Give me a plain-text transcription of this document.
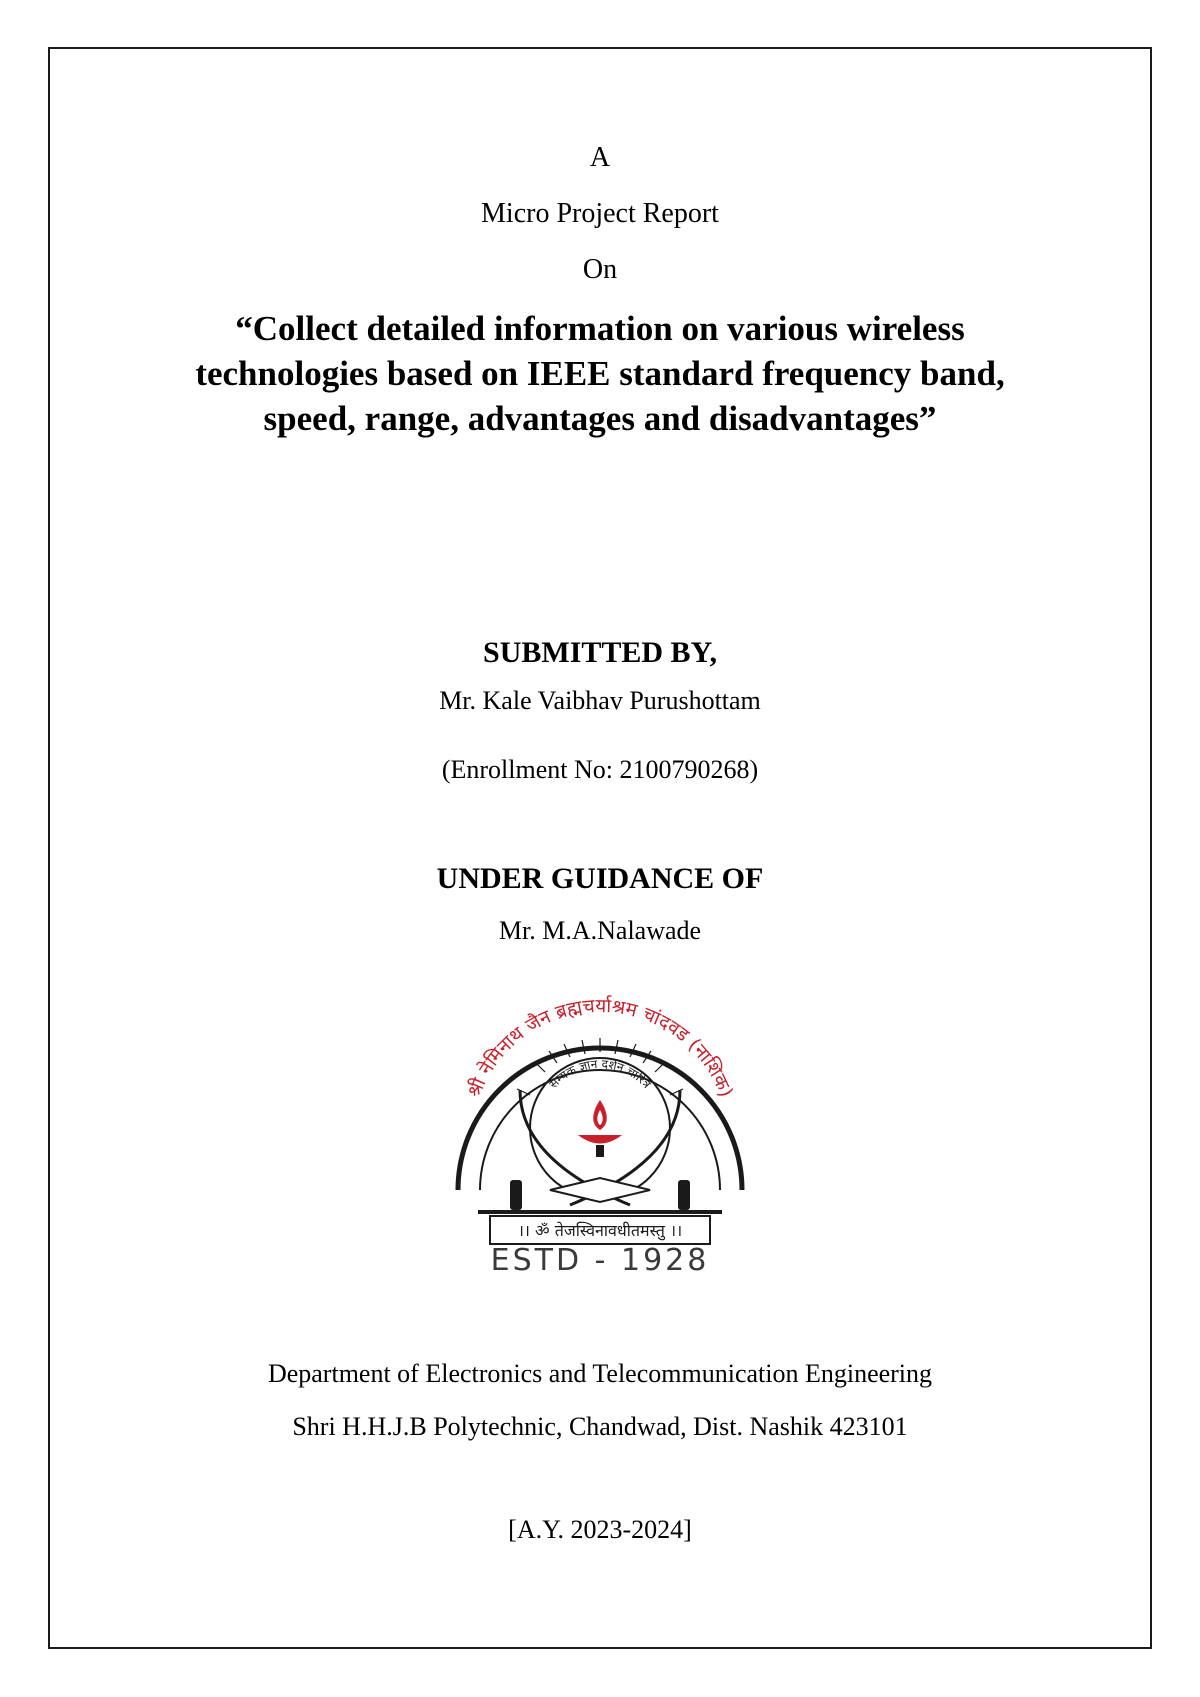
A
Micro Project Report
On
“Collect detailed information on various wireless technologies based on IEEE standard frequency band, speed, range, advantages and disadvantages”
SUBMITTED BY,
Mr. Kale Vaibhav Purushottam
(Enrollment No: 2100790268)
UNDER GUIDANCE OF
Mr. M.A.Nalawade
श्री नेमिनाथ जैन ब्रह्मचर्याश्रम चांदवड (नाशिक)
सम्यक ज्ञान दर्शन चारित्र
।। ॐ तेजस्विनावधीतमस्तु ।।
ESTD - 1928
Department of Electronics and Telecommunication Engineering
Shri H.H.J.B Polytechnic, Chandwad, Dist. Nashik 423101
[A.Y. 2023-2024]
